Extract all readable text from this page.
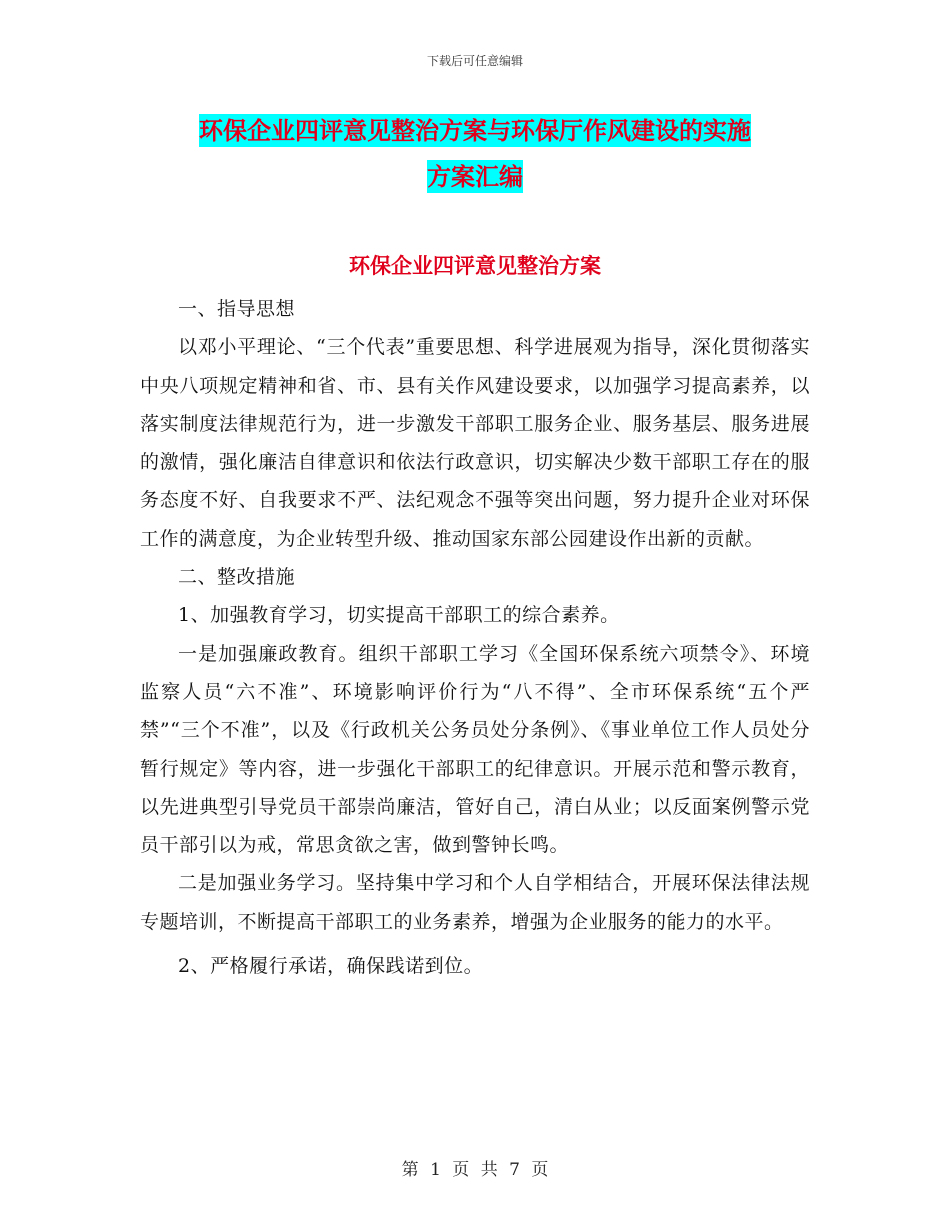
下载后可任意编辑
环保企业四评意见整治方案与环保厅作风建设的实施
方案汇编
环保企业四评意见整治方案

一、指导思想

以邓小平理论、“三个代表”重要思想、科学进展观为指导，深化贯彻落实中央八项规定精神和省、市、县有关作风建设要求，以加强学习提高素养，以落实制度法律规范行为，进一步激发干部职工服务企业、服务基层、服务进展的激情，强化廉洁自律意识和依法行政意识，切实解决少数干部职工存在的服务态度不好、自我要求不严、法纪观念不强等突出问题，努力提升企业对环保工作的满意度，为企业转型升级、推动国家东部公园建设作出新的贡献。

二、整改措施

1、加强教育学习，切实提高干部职工的综合素养。

一是加强廉政教育。组织干部职工学习《全国环保系统六项禁令》、环境监察人员“六不准”、环境影响评价行为“八不得”、全市环保系统“五个严禁”“三个不准”，以及《行政机关公务员处分条例》、《事业单位工作人员处分暂行规定》等内容，进一步强化干部职工的纪律意识。开展示范和警示教育，以先进典型引导党员干部崇尚廉洁，管好自己，清白从业；以反面案例警示党员干部引以为戒，常思贪欲之害，做到警钟长鸣。

二是加强业务学习。坚持集中学习和个人自学相结合，开展环保法律法规专题培训，不断提高干部职工的业务素养，增强为企业服务的能力的水平。

2、严格履行承诺，确保践诺到位。

第 1 页 共 7 页
